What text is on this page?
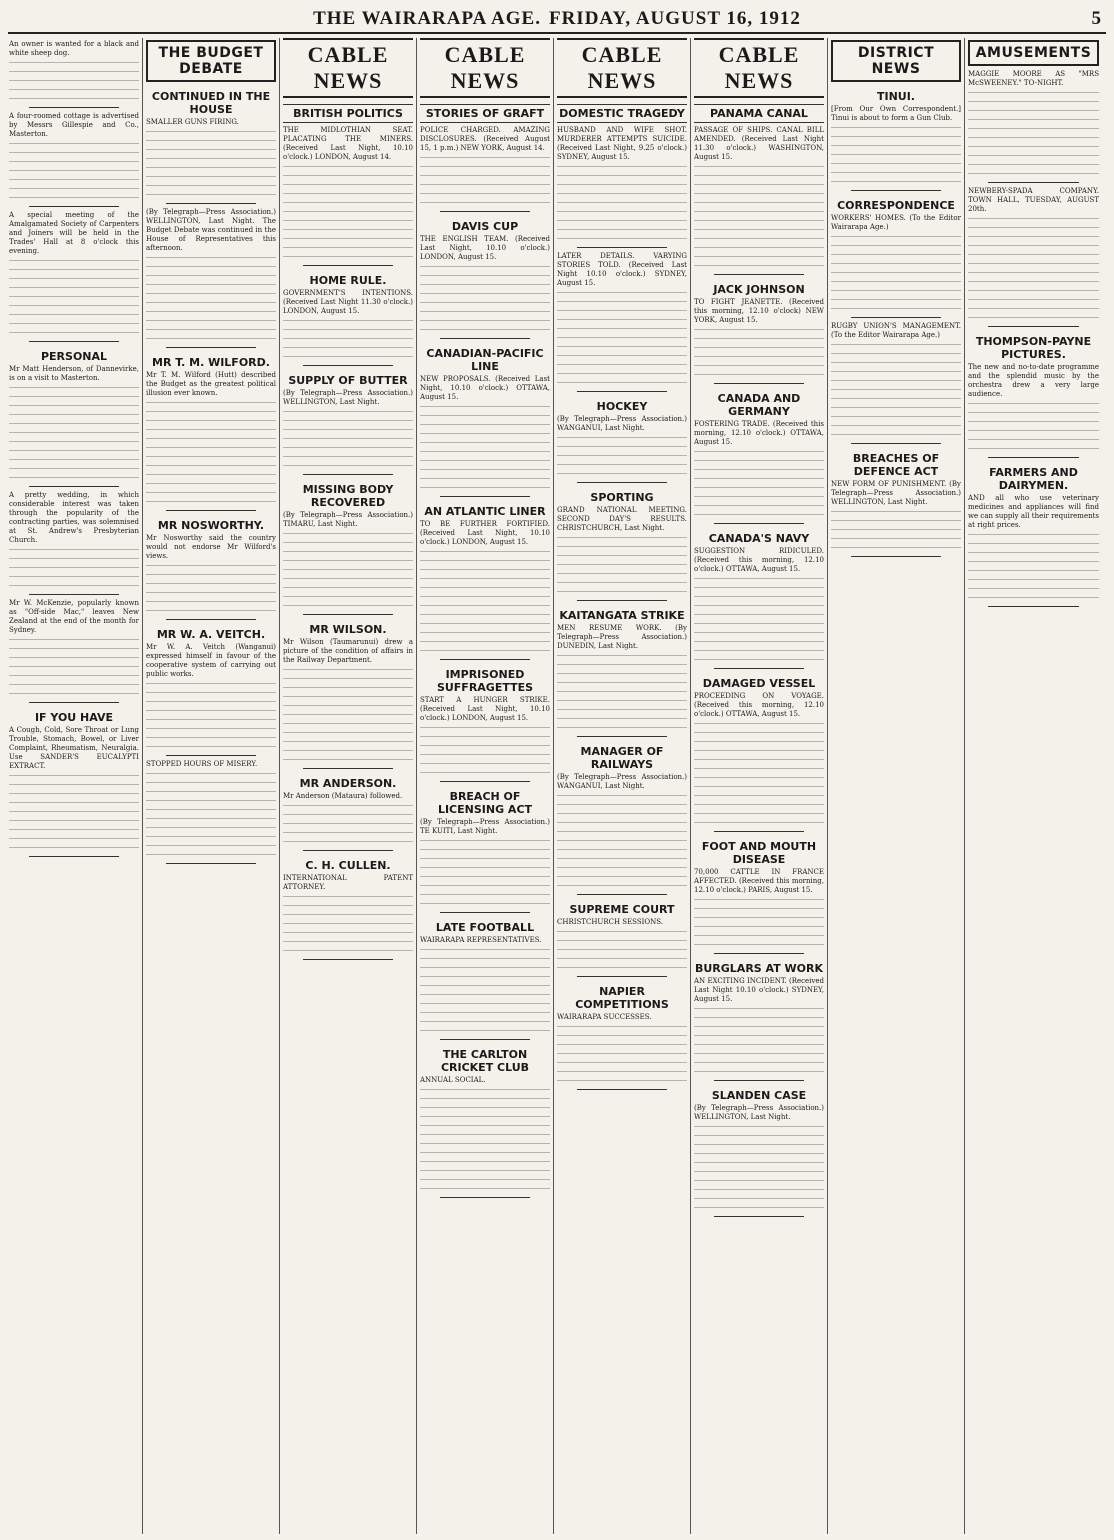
THE WAIRARAPA AGE. FRIDAY, AUGUST 16, 1912	5
An owner is wanted for a black and white sheep dog.
A four-roomed cottage is advertised by Messrs Gillespie and Co., Masterton.
A special meeting of the Amalgamated Society of Carpenters and Joiners will be held in the Trades' Hall at 8 o'clock this evening.
PERSONAL
Mr Matt Henderson, of Dannevirke, is on a visit to Masterton.
A pretty wedding, in which considerable interest was taken through the popularity of the contracting parties, was solemnised at St. Andrew's Presbyterian Church.
Mr W. McKenzie, popularly known as "Off-side Mac," leaves New Zealand at the end of the month for Sydney.
IF YOU HAVE
A Cough, Cold, Sore Throat or Lung Trouble, Stomach, Bowel, or Liver Complaint, Rheumatism, Neuralgia. Use SANDER'S EUCALYPTI EXTRACT.
THE BUDGET DEBATE
CONTINUED IN THE HOUSE
SMALLER GUNS FIRING.
(By Telegraph—Press Association.) WELLINGTON, Last Night. The Budget Debate was continued in the House of Representatives this afternoon.
MR T. M. WILFORD.
Mr T. M. Wilford (Hutt) described the Budget as the greatest political illusion ever known.
MR NOSWORTHY.
Mr Nosworthy said the country would not endorse Mr Wilford's views.
MR W. A. VEITCH.
Mr W. A. Veitch (Wanganui) expressed himself in favour of the cooperative system of carrying out public works.
STOPPED HOURS OF MISERY.
CABLE NEWS
BRITISH POLITICS
THE MIDLOTHIAN SEAT. PLACATING THE MINERS. (Received Last Night, 10.10 o'clock.) LONDON, August 14.
HOME RULE.
GOVERNMENT'S INTENTIONS. (Received Last Night 11.30 o'clock.) LONDON, August 15.
SUPPLY OF BUTTER
(By Telegraph—Press Association.) WELLINGTON, Last Night.
MISSING BODY RECOVERED
(By Telegraph—Press Association.) TIMARU, Last Night.
MR WILSON.
Mr Wilson (Taumarunui) drew a picture of the condition of affairs in the Railway Department.
MR ANDERSON.
Mr Anderson (Mataura) followed.
C. H. CULLEN.
INTERNATIONAL PATENT ATTORNEY.
CABLE NEWS
STORIES OF GRAFT
POLICE CHARGED. AMAZING DISCLOSURES. (Received August 15, 1 p.m.) NEW YORK, August 14.
DAVIS CUP
THE ENGLISH TEAM. (Received Last Night, 10.10 o'clock.) LONDON, August 15.
CANADIAN-PACIFIC LINE
NEW PROPOSALS. (Received Last Night, 10.10 o'clock.) OTTAWA, August 15.
AN ATLANTIC LINER
TO BE FURTHER FORTIFIED. (Received Last Night, 10.10 o'clock.) LONDON, August 15.
IMPRISONED SUFFRAGETTES
START A HUNGER STRIKE. (Received Last Night, 10.10 o'clock.) LONDON, August 15.
BREACH OF LICENSING ACT
(By Telegraph—Press Association.) TE KUITI, Last Night.
LATE FOOTBALL
WAIRARAPA REPRESENTATIVES.
THE CARLTON CRICKET CLUB
ANNUAL SOCIAL.
CABLE NEWS
DOMESTIC TRAGEDY
HUSBAND AND WIFE SHOT. MURDERER ATTEMPTS SUICIDE. (Received Last Night, 9.25 o'clock.) SYDNEY, August 15.
LATER DETAILS. VARYING STORIES TOLD. (Received Last Night 10.10 o'clock.) SYDNEY, August 15.
HOCKEY
(By Telegraph—Press Association.) WANGANUI, Last Night.
SPORTING
GRAND NATIONAL MEETING. SECOND DAY'S RESULTS. CHRISTCHURCH, Last Night.
KAITANGATA STRIKE
MEN RESUME WORK. (By Telegraph—Press Association.) DUNEDIN, Last Night.
MANAGER OF RAILWAYS
(By Telegraph—Press Association.) WANGANUI, Last Night.
SUPREME COURT
CHRISTCHURCH SESSIONS.
NAPIER COMPETITIONS
WAIRARAPA SUCCESSES.
CABLE NEWS
PANAMA CANAL
PASSAGE OF SHIPS. CANAL BILL AMENDED. (Received Last Night 11.30 o'clock.) WASHINGTON, August 15.
JACK JOHNSON
TO FIGHT JEANETTE. (Received this morning, 12.10 o'clock) NEW YORK, August 15.
CANADA AND GERMANY
FOSTERING TRADE. (Received this morning, 12.10 o'clock.) OTTAWA, August 15.
CANADA'S NAVY
SUGGESTION RIDICULED. (Received this morning, 12.10 o'clock.) OTTAWA, August 15.
DAMAGED VESSEL
PROCEEDING ON VOYAGE. (Received this morning, 12.10 o'clock.) OTTAWA, August 15.
FOOT AND MOUTH DISEASE
70,000 CATTLE IN FRANCE AFFECTED. (Received this morning, 12.10 o'clock.) PARIS, August 15.
BURGLARS AT WORK
AN EXCITING INCIDENT. (Received Last Night 10.10 o'clock.) SYDNEY, August 15.
SLANDEN CASE
(By Telegraph—Press Association.) WELLINGTON, Last Night.
DISTRICT NEWS
TINUI.
[From Our Own Correspondent.] Tinui is about to form a Gun Club.
CORRESPONDENCE
WORKERS' HOMES. (To the Editor Wairarapa Age.)
RUGBY UNION'S MANAGEMENT. (To the Editor Wairarapa Age.)
BREACHES OF DEFENCE ACT
NEW FORM OF PUNISHMENT. (By Telegraph—Press Association.) WELLINGTON, Last Night.
AMUSEMENTS
MAGGIE MOORE AS "MRS McSWEENEY." TO-NIGHT.
NEWBERY-SPADA COMPANY. TOWN HALL, TUESDAY, AUGUST 20th.
THOMPSON-PAYNE PICTURES.
The new and no-to-date programme and the splendid music by the orchestra drew a very large audience.
FARMERS AND DAIRYMEN.
AND all who use veterinary medicines and appliances will find we can supply all their requirements at right prices.
